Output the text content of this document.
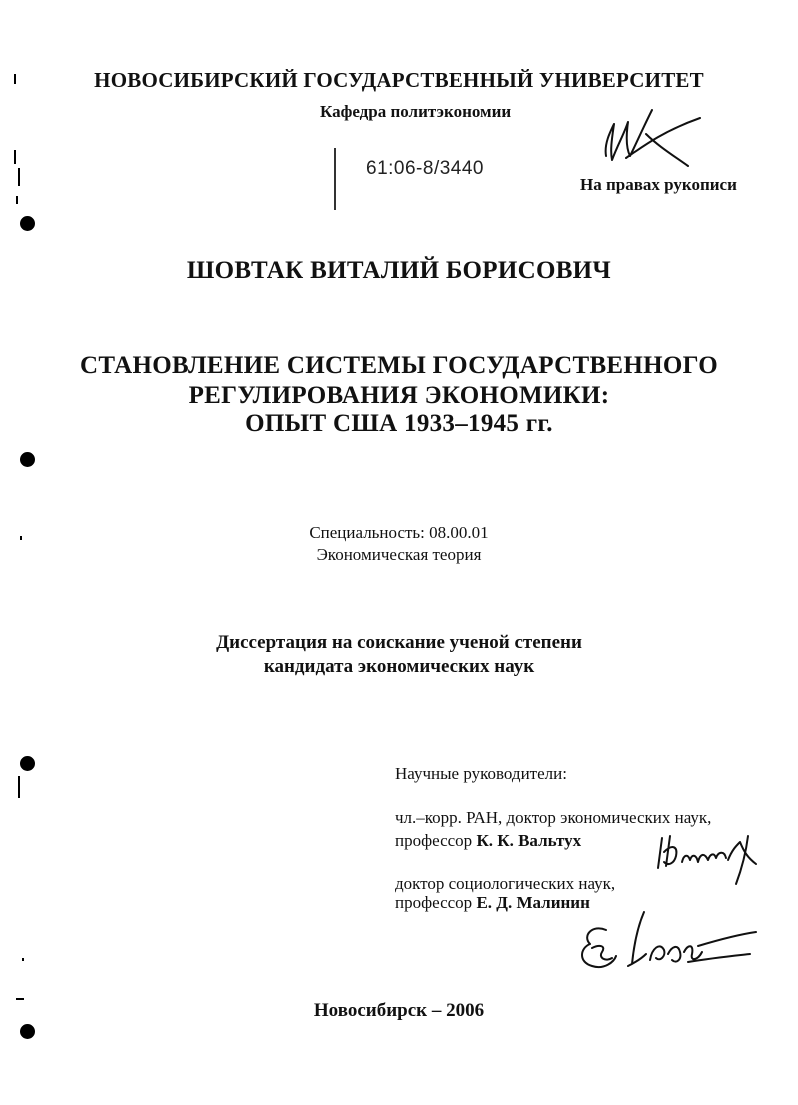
НОВОСИБИРСКИЙ ГОСУДАРСТВЕННЫЙ УНИВЕРСИТЕТ
Кафедра политэкономии
61:06-8/3440
На правах рукописи
ШОВТАК ВИТАЛИЙ БОРИСОВИЧ
СТАНОВЛЕНИЕ СИСТЕМЫ ГОСУДАРСТВЕННОГО
РЕГУЛИРОВАНИЯ ЭКОНОМИКИ:
ОПЫТ США 1933–1945 гг.
Специальность: 08.00.01
Экономическая теория
Диссертация на соискание ученой степени
кандидата экономических наук
Научные руководители:
чл.–корр. РАН, доктор экономических наук,
профессор К. К. Вальтух
доктор социологических наук,
профессор Е. Д. Малинин
Новосибирск – 2006
